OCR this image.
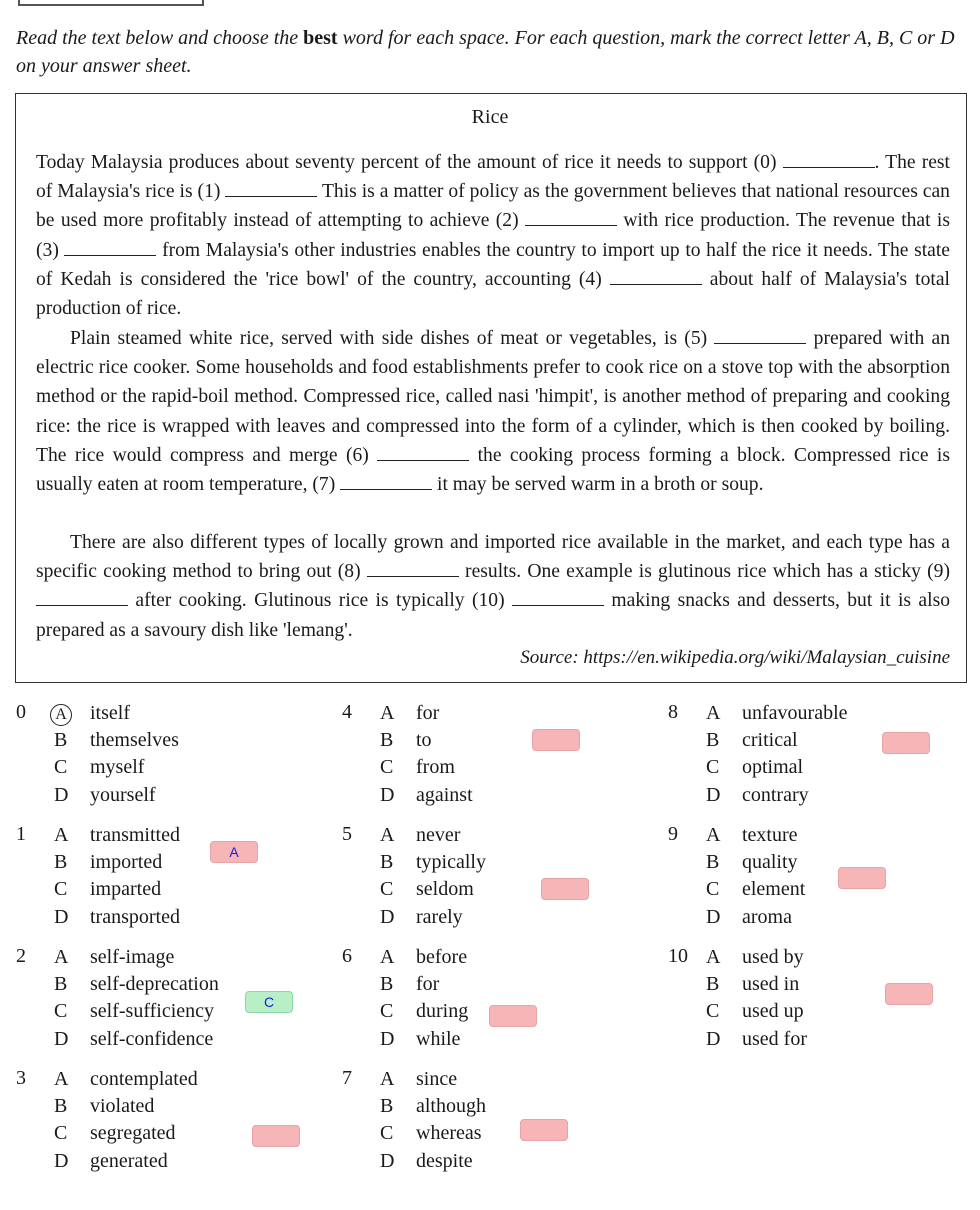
Read the text below and choose the best word for each space. For each question, mark the correct letter A, B, C or D on your answer sheet.
Rice

Today Malaysia produces about seventy percent of the amount of rice it needs to support (0)	. The rest of Malaysia's rice is (1)	This is a matter of policy as the government believes that national resources can be used more profitably instead of attempting to achieve (2)	with rice production. The revenue that is (3)	from Malaysia's other industries enables the country to import up to half the rice it needs. The state of Kedah is considered the 'rice bowl' of the country, accounting (4)	about half of Malaysia's total production of rice.

Plain steamed white rice, served with side dishes of meat or vegetables, is (5)	prepared with an electric rice cooker. Some households and food establishments prefer to cook rice on a stove top with the absorption method or the rapid-boil method. Compressed rice, called nasi 'himpit', is another method of preparing and cooking rice: the rice is wrapped with leaves and compressed into the form of a cylinder, which is then cooked by boiling. The rice would compress and merge (6)	the cooking process forming a block. Compressed rice is usually eaten at room temperature, (7)	it may be served warm in a broth or soup.

There are also different types of locally grown and imported rice available in the market, and each type has a specific cooking method to bring out (8)	results. One example is glutinous rice which has a sticky (9)  after cooking. Glutinous rice is typically (10)	making snacks and desserts, but it is also prepared as a savoury dish like 'lemang'.

Source: https://en.wikipedia.org/wiki/Malaysian_cuisine
0	A itself
B themselves
C myself
D yourself
1	A transmitted
B imported
C imparted
D transported
A
2	A self-image
B self-deprecation
C self-sufficiency
D self-confidence
C
3	A contemplated
B violated
C segregated
D generated
4	A for
B to
C from
D against
5	A never
B typically
C seldom
D rarely
6	A before
B for
C during
D while
7	A since
B although
C whereas
D despite
8	A unfavourable
B critical
C optimal
D contrary
9	A texture
B quality
C element
D aroma
10 A used by
B used in
C used up
D used for
